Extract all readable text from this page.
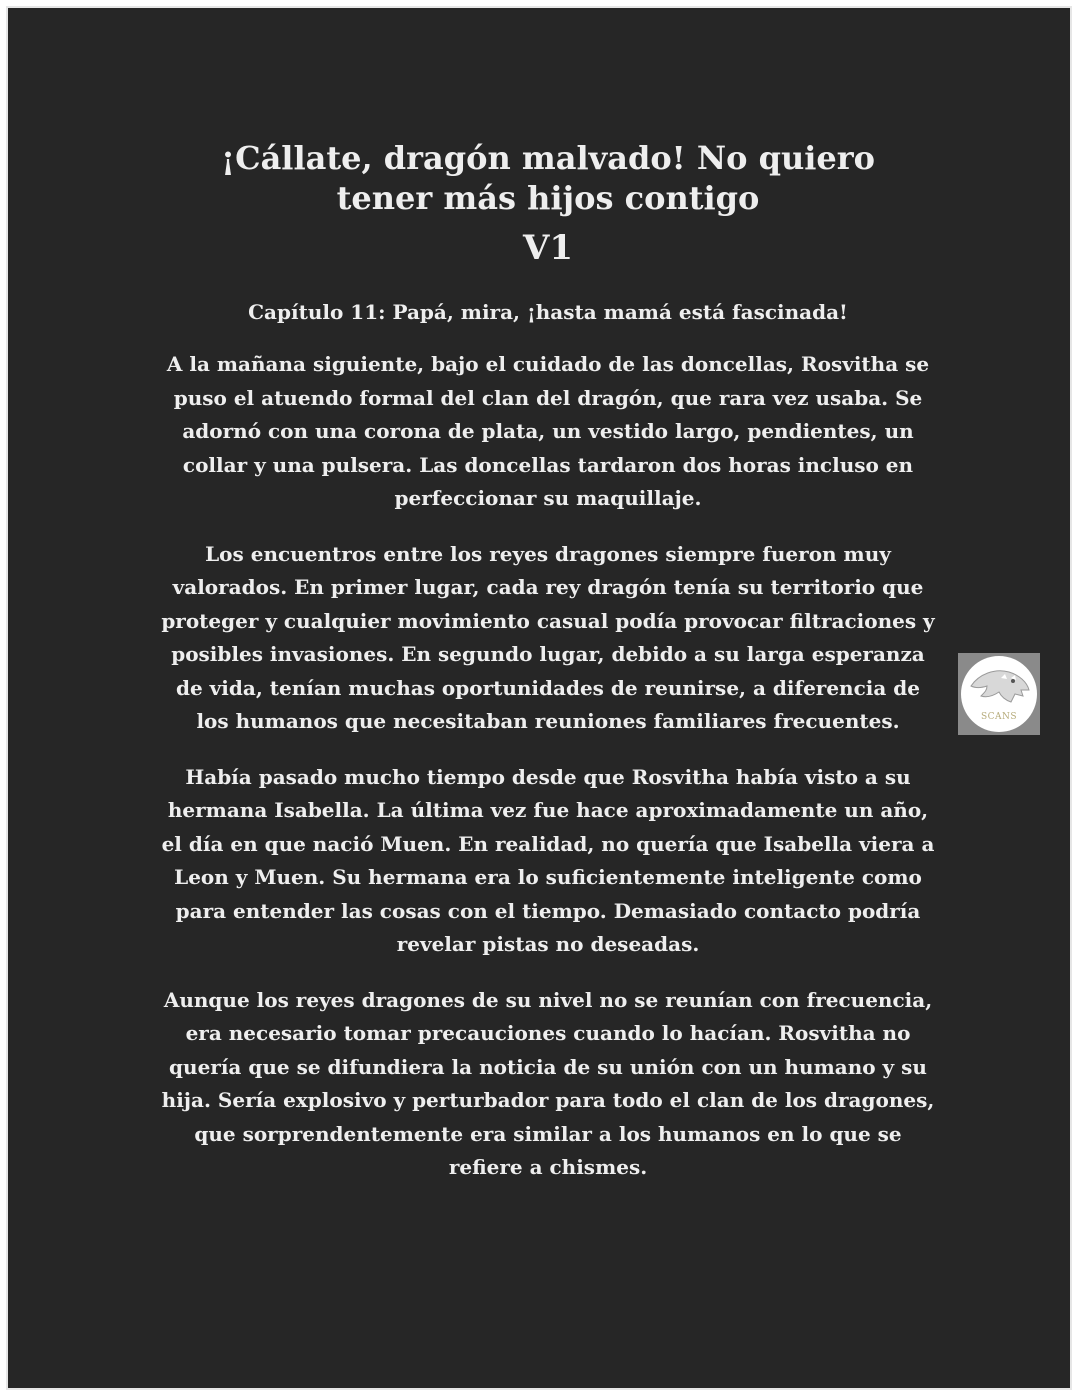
¡Cállate, dragón malvado! No quiero tener más hijos contigo
V1

Capítulo 11: Papá, mira, ¡hasta mamá está fascinada!

A la mañana siguiente, bajo el cuidado de las doncellas, Rosvitha se puso el atuendo formal del clan del dragón, que rara vez usaba. Se adornó con una corona de plata, un vestido largo, pendientes, un collar y una pulsera. Las doncellas tardaron dos horas incluso en perfeccionar su maquillaje.

Los encuentros entre los reyes dragones siempre fueron muy valorados. En primer lugar, cada rey dragón tenía su territorio que proteger y cualquier movimiento casual podía provocar filtraciones y posibles invasiones. En segundo lugar, debido a su larga esperanza de vida, tenían muchas oportunidades de reunirse, a diferencia de los humanos que necesitaban reuniones familiares frecuentes.

Había pasado mucho tiempo desde que Rosvitha había visto a su hermana Isabella. La última vez fue hace aproximadamente un año, el día en que nació Muen. En realidad, no quería que Isabella viera a Leon y Muen. Su hermana era lo suficientemente inteligente como para entender las cosas con el tiempo. Demasiado contacto podría revelar pistas no deseadas.

Aunque los reyes dragones de su nivel no se reunían con frecuencia, era necesario tomar precauciones cuando lo hacían. Rosvitha no quería que se difundiera la noticia de su unión con un humano y su hija. Sería explosivo y perturbador para todo el clan de los dragones, que sorprendentemente era similar a los humanos en lo que se refiere a chismes.

SCANS
